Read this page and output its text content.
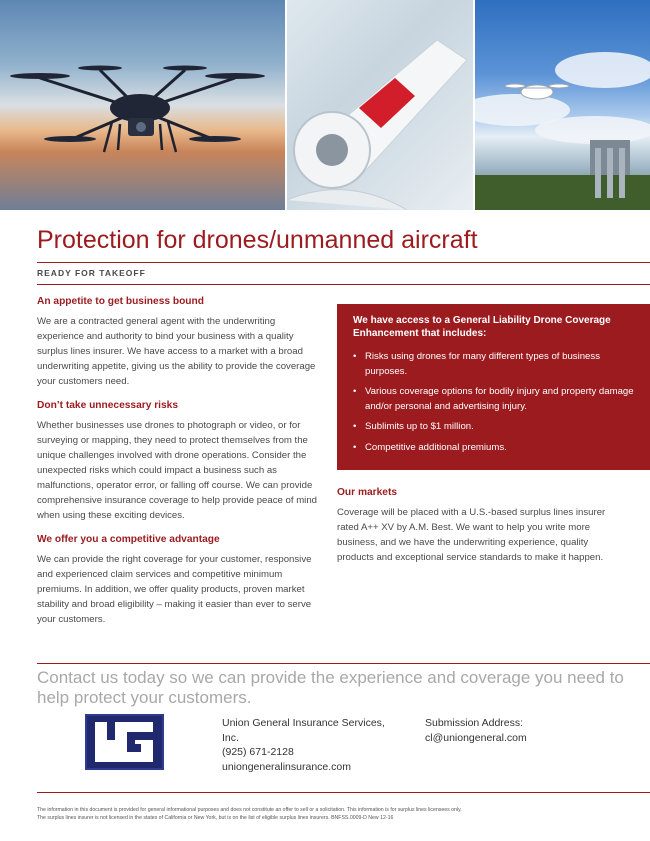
Protection for drones/unmanned aircraft
READY FOR TAKEOFF
An appetite to get business bound

We are a contracted general agent with the underwriting experience and authority to bind your business with a quality surplus lines insurer. We have access to a market with a broad underwriting appetite, giving us the ability to provide the coverage your customers need.

Don’t take unnecessary risks

Whether businesses use drones to photograph or video, or for surveying or mapping, they need to protect themselves from the unique challenges involved with drone operations. Consider the unexpected risks which could impact a business such as malfunctions, operator error, or falling off course. We can provide comprehensive insurance coverage to help provide peace of mind when using these exciting devices.

We offer you a competitive advantage

We can provide the right coverage for your customer, responsive and experienced claim services and competitive minimum premiums. In addition, we offer quality products, proven market stability and broad eligibility – making it easier than ever to serve your customers.

We have access to a General Liability Drone Coverage Enhancement that includes:
• Risks using drones for many different types of business purposes.
• Various coverage options for bodily injury and property damage and/or personal and advertising injury.
• Sublimits up to $1 million.
• Competitive additional premiums.
Our markets

Coverage will be placed with a U.S.-based surplus lines insurer rated A++ XV by A.M. Best. We want to help you write more business, and we have the underwriting experience, quality products and exceptional service standards to make it happen.

Contact us today so we can provide the experience and coverage you need to help protect your customers.
Union General Insurance Services, Inc.
(925) 671-2128
uniongeneralinsurance.com
Submission Address:
cl@uniongeneral.com
The information in this document is provided for general informational purposes and does not constitute an offer to sell or a solicitation. This information is for surplus lines licensees only.
The surplus lines insurer is not licensed in the states of California or New York, but is on the list of eligible surplus lines insurers. BNFSS.0009-D New 12-16
